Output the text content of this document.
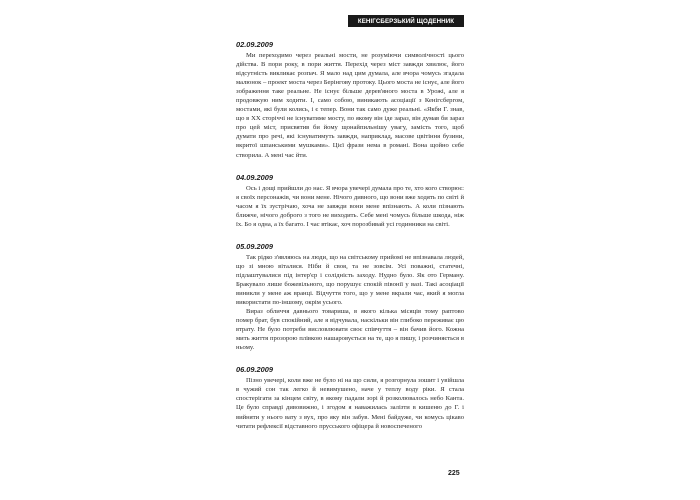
КЕНІГСБЕРЗЬКИЙ ЩОДЕННИК
02.09.2009

Ми переходимо через реальні мости, не розуміючи символічності цього дійства. В пори року, в пори життя. Перехід через міст завжди хвилює, його відсутність викликає розпач. Я мало над цим думала, але вчора чомусь згадала малюнок – проект моста через Берінгову протоку. Цього моста не існує, але його зображення таке реальне. Не існує більше дерев'яного моста в Урожі, але я продовжую ним ходити. І, само собою, виникають асоціації з Кенігсбергом, мостами, які були колись, і є тепер. Вони так само дуже реальні. «Якби Г. знав, що в ХХ сторіччі не існуватиме мосту, по якому він іде зараз, він думав би зараз про цей міст, присвятив би йому щонайпильнішу увагу, замість того, щоб думати про речі, які існуватимуть завжди, наприклад, масове цвітіння бузини, вкритої шпанськими мушками». Цієї фрази нема в романі. Вона щойно себе створила. А мені час йти.

04.09.2009

Ось і дощі прийшли до нас. Я вчора увечері думала про те, хто кого створює: я своїх персонажів, чи вони мене. Нічого дивного, що вони вже ходять по світі й часом я їх зустрічаю, хоча не завжди вони мене впізнають. А коли пізнають ближче, нічого доброго з того не виходить. Себе мені чомусь більше шкода, ніж їх. Бо я одна, а їх багато. І час втікає, хоч порозбивай усі годинники на світі.

05.09.2009

Так рідко з'являюсь на люди, що на світському прийомі не впізнавала людей, що зі мною віталися. Ніби й своя, та не зовсім. Усі поважні, статечні, підлаштувалися під інтер'єр і солідність заходу. Нудно було. Як ото Герману. Бракувало лише божевільного, що порушує спокій півонії у вазі. Такі асоціації виникли у мене аж вранці. Відчуття того, що у мене вкрали час, який я могла використати по-іншому, окрім усього.

Вираз обличчя давнього товариша, в якого кілька місяців тому раптово помер брат, був спокійний, але я відчувала, наскільки він глибоко переживає цю втрату. Не було потреби висловлювати своє співчуття – він бачив його. Кожна мить життя прозорою плівкою нашаровується на те, що я пишу, і розчиняється в ньому.

06.09.2009

Пізно увечері, коли вже не було ні на що сили, я розгорнула зошит і увійшла в чужий сон так легко й невимушено, наче у теплу воду ріки. Я стала спостерігати за кінцем світу, в якому падали зорі й розколювалось небо Канта. Це було справді дивовижно, і згодом я наважилась залізти в кишеню до Г. і вийняти у нього вату з вух, про яку він забув. Мені байдуже, чи комусь цікаво читати рефлексії відставного прусського офіцера й новоспеченого

225
